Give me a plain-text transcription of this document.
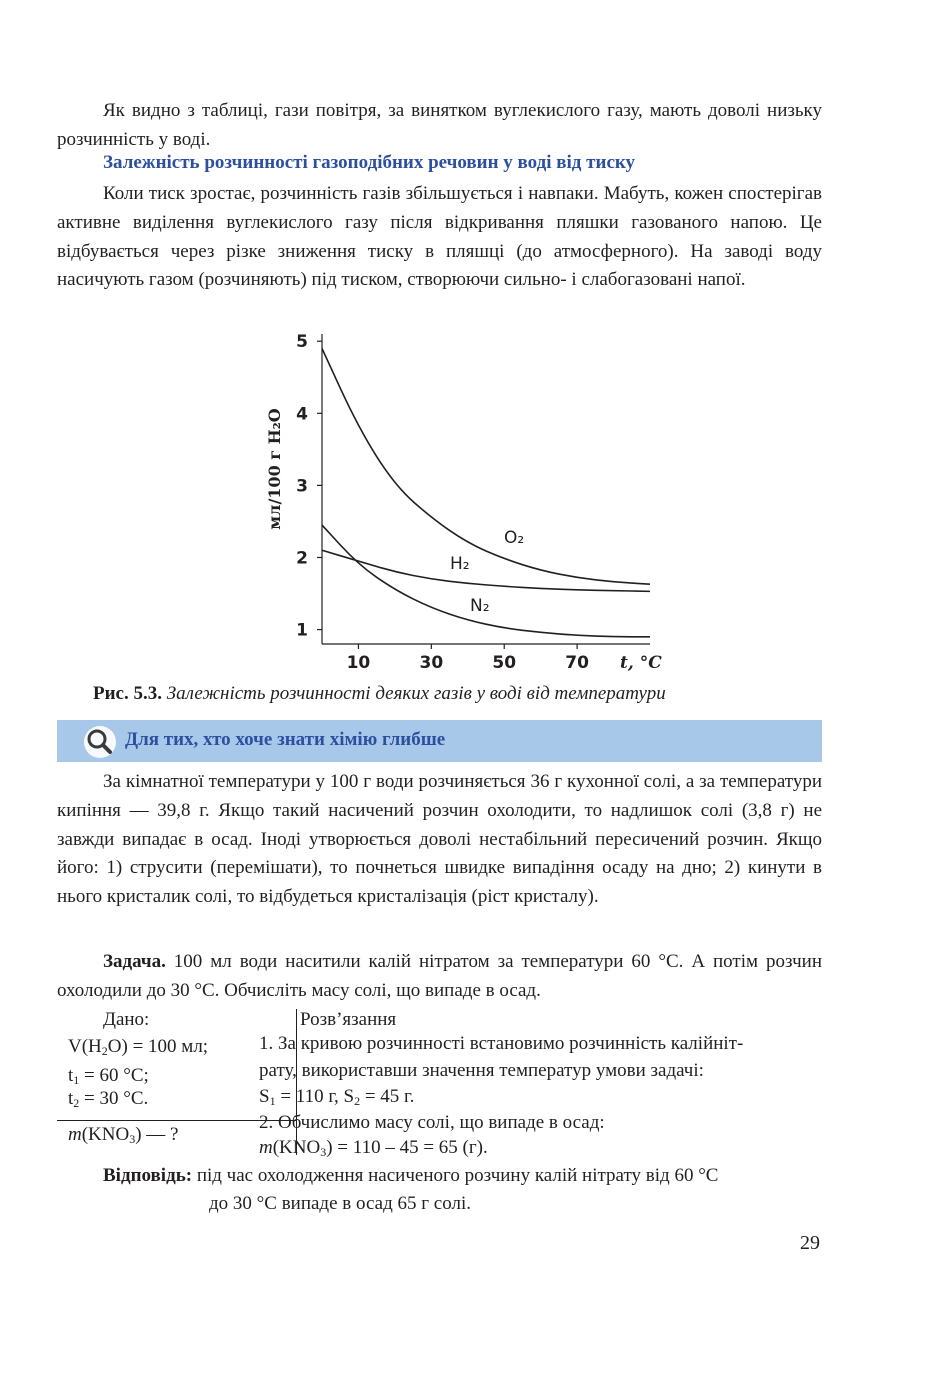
Як видно з таблиці, гази повітря, за винятком вуглекислого газу, мають доволі низьку розчинність у воді.

Залежність розчинності газоподібних речовин у воді від тиску

Коли тиск зростає, розчинність газів збільшується і навпаки. Мабуть, кожен спостерігав активне виділення вуглекислого газу після відкривання пляшки газованого напою. Це відбувається через різке зниження тиску в пляшці (до атмосферного). На заводі воду насичують газом (розчиняють) під тиском, створюючи сильно- і слабогазовані напої.

1
2
3
4
5
10	30	50	70 t, °C
мл/100 г H₂O
O₂
H₂
N₂
Рис. 5.3. Залежність розчинності деяких газів у воді від температури
Для тих, хто хоче знати хімію глибше

За кімнатної температури у 100 г води розчиняється 36 г кухонної солі, а за температури кипіння — 39,8 г. Якщо такий насичений розчин охолодити, то надлишок солі (3,8 г) не завжди випадає в осад. Іноді утворюється доволі нестабільний пересичений розчин. Якщо його: 1) струсити (перемішати), то почнеться швидке випадіння осаду на дно; 2) кинути в нього кристалик солі, то відбудеться кристалізація (ріст кристалу).

Задача. 100 мл води наситили калій нітратом за температури 60 °С. А потім розчин охолодили до 30 °С. Обчисліть масу солі, що випаде в осад.

Дано:
$V(H_2O) = 100$ мл;
$t_1 = 60$ °С;
$t_2 = 30$ °С.
$m(KNO_3)$ — ?
Розв’язання
1. За кривою розчинності встановимо розчинність калійніт-
рату, використавши значення температур умови задачі:
$S_1 = 110$ г, $S_2 = 45$ г.
2. Обчислимо масу солі, що випаде в осад:
$m(KNO_3) = 110 - 45 = 65$ (г).
Відповідь: під час охолодження насиченого розчину калій нітрату від 60 °С
до 30 °С випаде в осад 65 г солі.
29
